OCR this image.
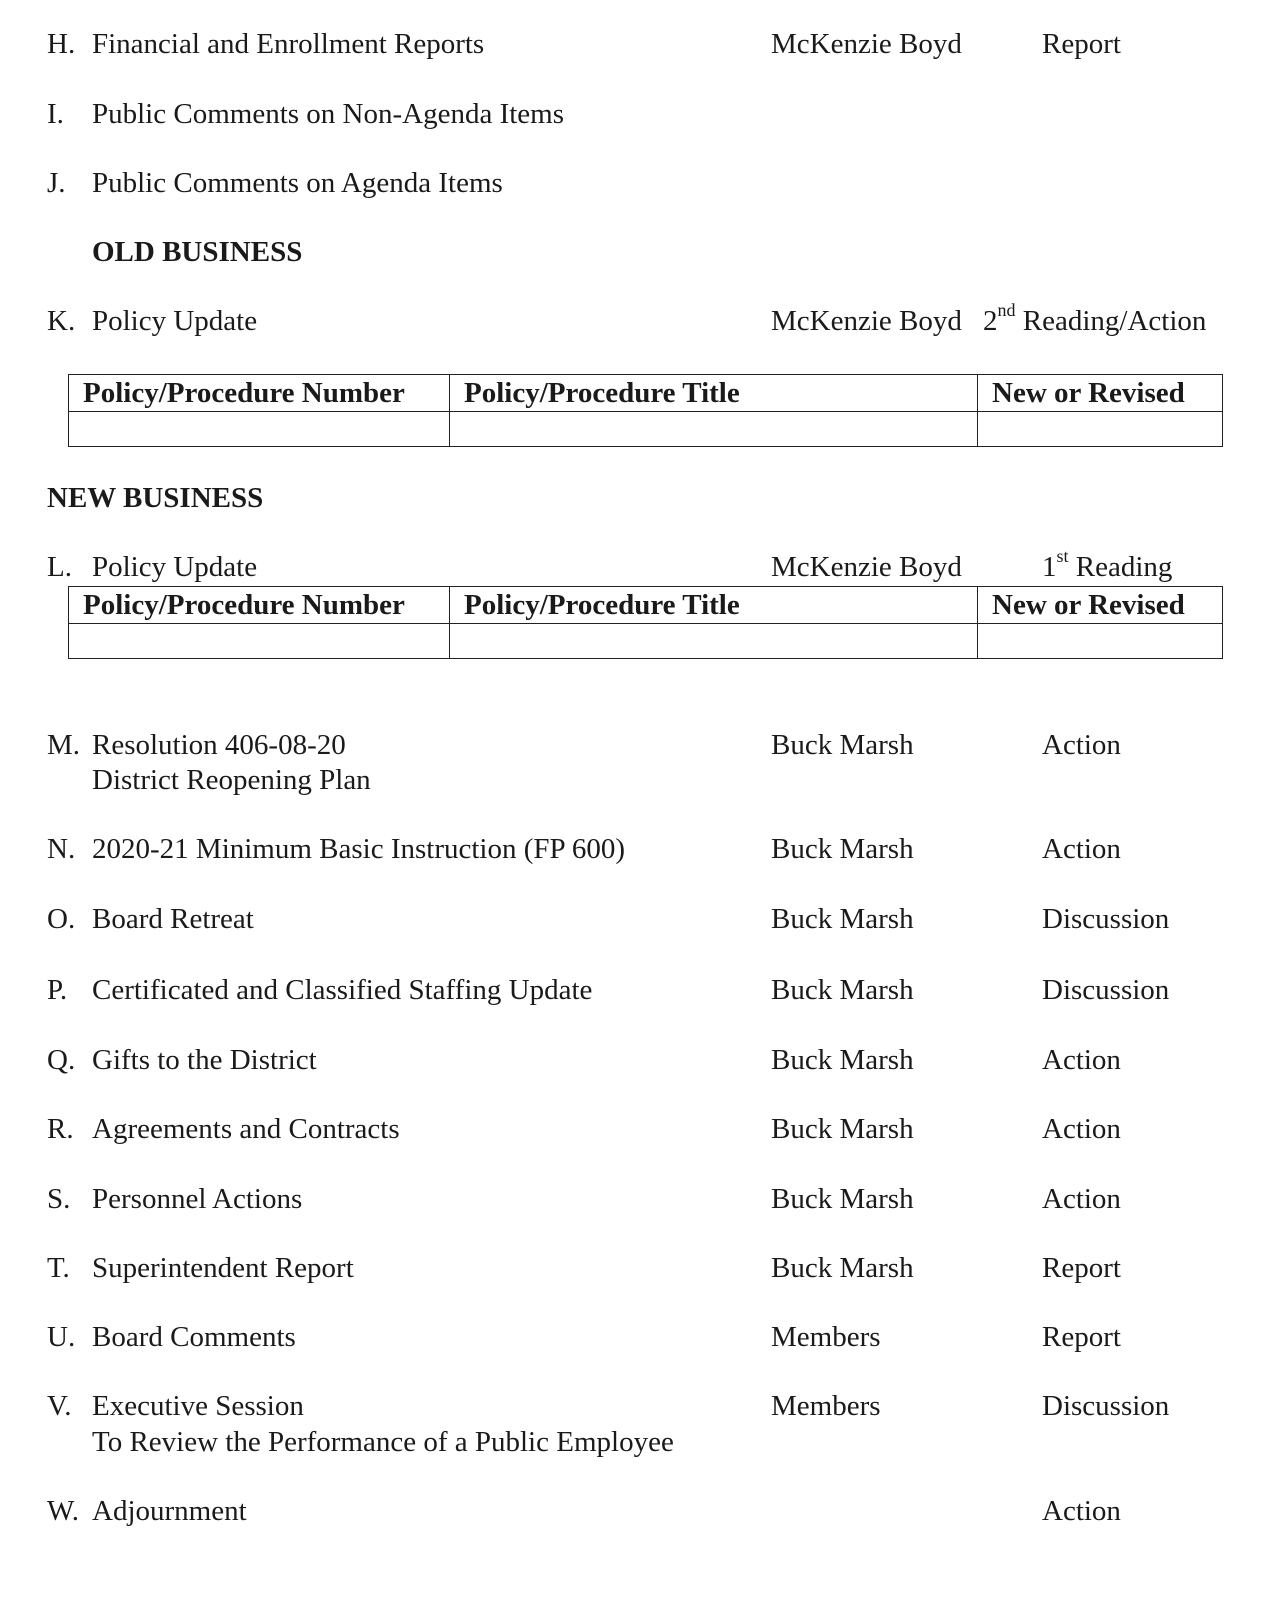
H. Financial and Enrollment Reports	McKenzie Boyd	Report
I. Public Comments on Non-Agenda Items
J. Public Comments on Agenda Items
OLD BUSINESS
K. Policy Update	McKenzie Boyd 2nd Reading/Action
Policy/Procedure Number	Policy/Procedure Title	New or Revised

NEW BUSINESS
L. Policy Update	McKenzie Boyd	1st Reading
Policy/Procedure Number	Policy/Procedure Title	New or Revised

M. Resolution 406-08-20
District Reopening Plan
Buck Marsh	Action
N. 2020-21 Minimum Basic Instruction (FP 600)	Buck Marsh	Action
O. Board Retreat	Buck Marsh	Discussion
P. Certificated and Classified Staffing Update	Buck Marsh	Discussion
Q. Gifts to the District	Buck Marsh	Action
R. Agreements and Contracts	Buck Marsh	Action
S. Personnel Actions	Buck Marsh	Action
T. Superintendent Report	Buck Marsh	Report
U. Board Comments	Members	Report
V. Executive Session
To Review the Performance of a Public Employee
Members	Discussion
W. Adjournment	Action
